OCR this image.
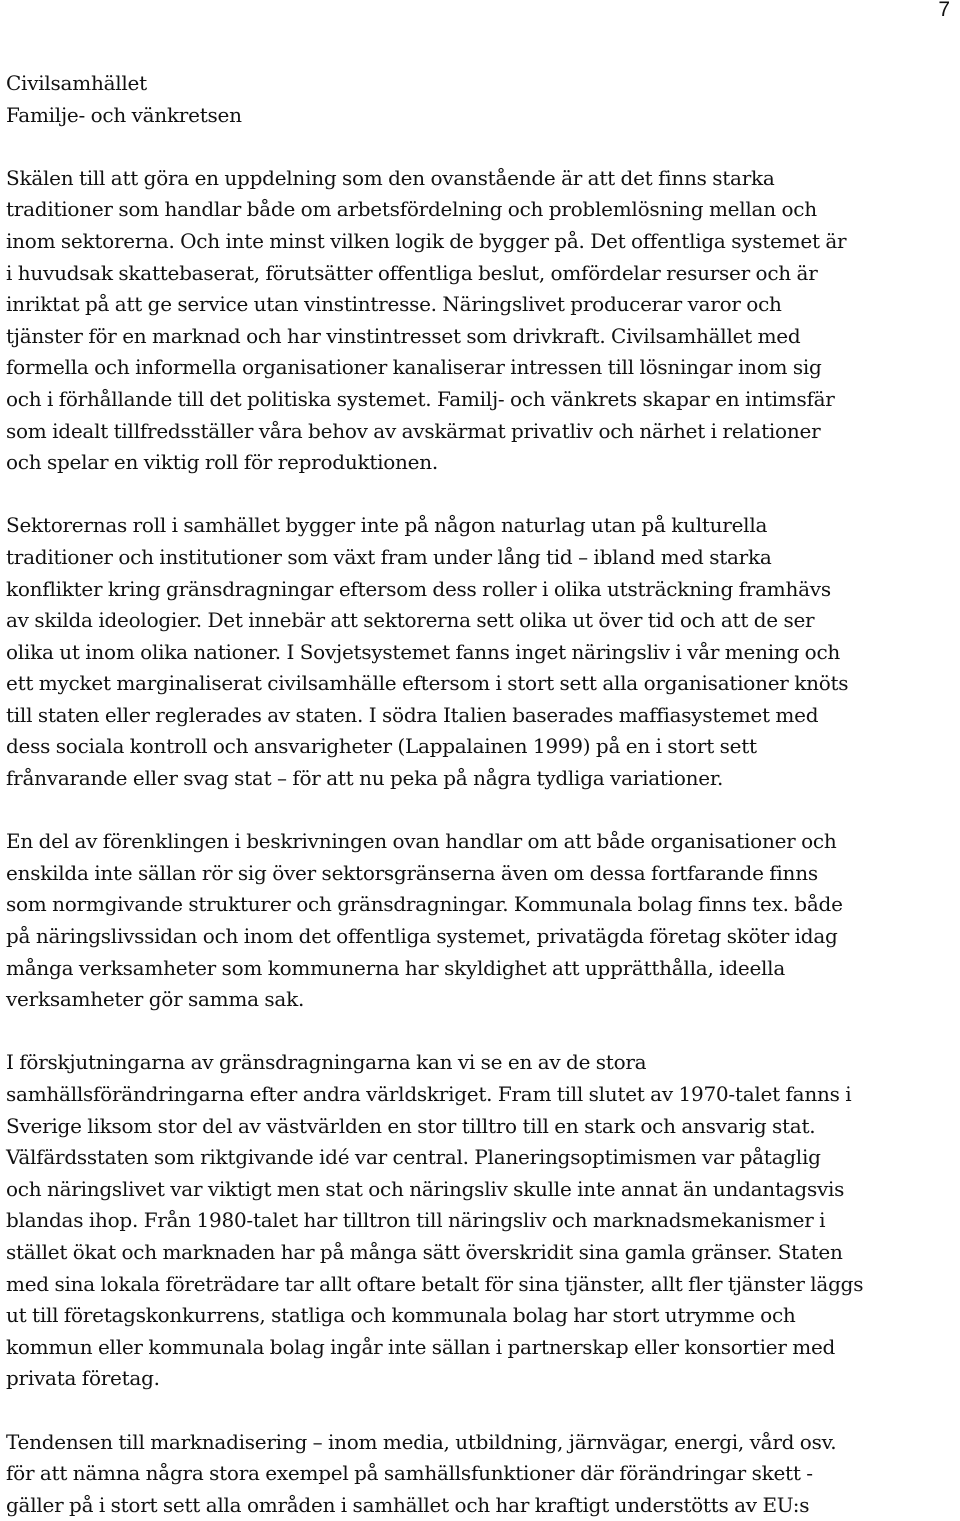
7
Civilsamhället
Familje- och vänkretsen
Skälen till att göra en uppdelning som den ovanstående är att det finns starka
traditioner som handlar både om arbetsfördelning och problemlösning mellan och
inom sektorerna. Och inte minst vilken logik de bygger på. Det offentliga systemet är
i huvudsak skattebaserat, förutsätter offentliga beslut, omfördelar resurser och är
inriktat på att ge service utan vinstintresse. Näringslivet producerar varor och
tjänster för en marknad och har vinstintresset som drivkraft. Civilsamhället med
formella och informella organisationer kanaliserar intressen till lösningar inom sig
och i förhållande till det politiska systemet. Familj- och vänkrets skapar en intimsfär
som idealt tillfredsställer våra behov av avskärmat privatliv och närhet i relationer
och spelar en viktig roll för reproduktionen.
Sektorernas roll i samhället bygger inte på någon naturlag utan på kulturella
traditioner och institutioner som växt fram under lång tid – ibland med starka
konflikter kring gränsdragningar eftersom dess roller i olika utsträckning framhävs
av skilda ideologier. Det innebär att sektorerna sett olika ut över tid och att de ser
olika ut inom olika nationer. I Sovjetsystemet fanns inget näringsliv i vår mening och
ett mycket marginaliserat civilsamhälle eftersom i stort sett alla organisationer knöts
till staten eller reglerades av staten. I södra Italien baserades maffiasystemet med
dess sociala kontroll och ansvarigheter (Lappalainen 1999) på en i stort sett
frånvarande eller svag stat – för att nu peka på några tydliga variationer.
En del av förenklingen i beskrivningen ovan handlar om att både organisationer och
enskilda inte sällan rör sig över sektorsgränserna även om dessa fortfarande finns
som normgivande strukturer och gränsdragningar. Kommunala bolag finns tex. både
på näringslivssidan och inom det offentliga systemet, privatägda företag sköter idag
många verksamheter som kommunerna har skyldighet att upprätthålla, ideella
verksamheter gör samma sak.
I förskjutningarna av gränsdragningarna kan vi se en av de stora
samhällsförändringarna efter andra världskriget. Fram till slutet av 1970-talet fanns i
Sverige liksom stor del av västvärlden en stor tilltro till en stark och ansvarig stat.
Välfärdsstaten som riktgivande idé var central. Planeringsoptimismen var påtaglig
och näringslivet var viktigt men stat och näringsliv skulle inte annat än undantagsvis
blandas ihop. Från 1980-talet har tilltron till näringsliv och marknadsmekanismer i
stället ökat och marknaden har på många sätt överskridit sina gamla gränser. Staten
med sina lokala företrädare tar allt oftare betalt för sina tjänster, allt fler tjänster läggs
ut till företagskonkurrens, statliga och kommunala bolag har stort utrymme och
kommun eller kommunala bolag ingår inte sällan i partnerskap eller konsortier med
privata företag.
Tendensen till marknadisering – inom media, utbildning, järnvägar, energi, vård osv.
för att nämna några stora exempel på samhällsfunktioner där förändringar skett -
gäller på i stort sett alla områden i samhället och har kraftigt understötts av EU:s
